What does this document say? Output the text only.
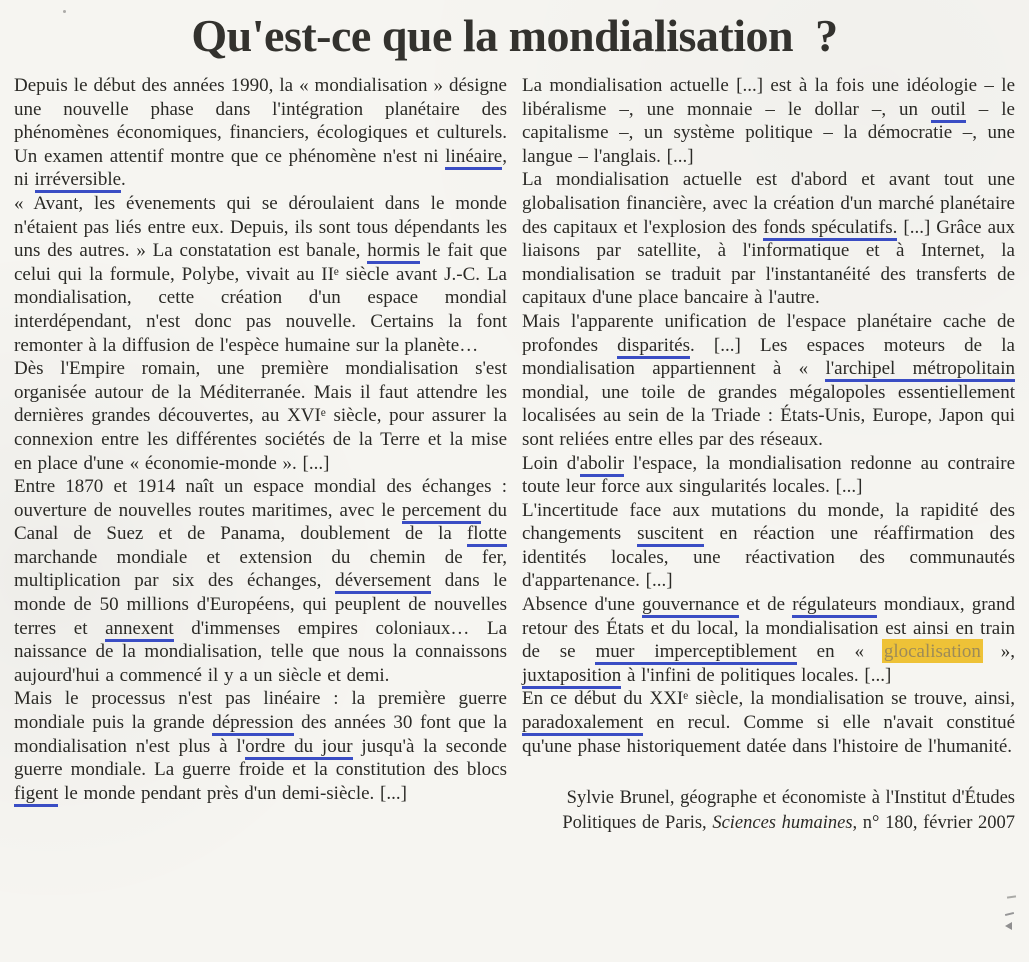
Qu'est-ce que la mondialisation  ?

Depuis le début des années 1990, la « mondialisation » désigne une nouvelle phase dans l'intégration planétaire des phénomènes économiques, financiers, écologiques et culturels. Un examen attentif montre que ce phénomène n'est ni linéaire, ni irréversible.

« Avant, les évenements qui se déroulaient dans le monde n'étaient pas liés entre eux. Depuis, ils sont tous dépendants les uns des autres. » La constatation est banale, hormis le fait que celui qui la formule, Polybe, vivait au IIᵉ siècle avant J.-C. La mondialisation, cette création d'un espace mondial interdépendant, n'est donc pas nouvelle. Certains la font remonter à la diffusion de l'espèce humaine sur la planète…

Dès l'Empire romain, une première mondialisation s'est organisée autour de la Méditerranée. Mais il faut attendre les dernières grandes découvertes, au XVIᵉ siècle, pour assurer la connexion entre les différentes sociétés de la Terre et la mise en place d'une « économie-monde ». [...]

Entre 1870 et 1914 naît un espace mondial des échanges : ouverture de nouvelles routes maritimes, avec le percement du Canal de Suez et de Panama, doublement de la flotte marchande mondiale et extension du chemin de fer, multiplication par six des échanges, déversement dans le monde de 50 millions d'Européens, qui peuplent de nouvelles terres et annexent d'immenses empires coloniaux… La naissance de la mondialisation, telle que nous la connaissons aujourd'hui a commencé il y a un siècle et demi.

Mais le processus n'est pas linéaire : la première guerre mondiale puis la grande dépression des années 30 font que la mondialisation n'est plus à l'ordre du jour jusqu'à la seconde guerre mondiale. La guerre froide et la constitution des blocs figent le monde pendant près d'un demi-siècle. [...]

La mondialisation actuelle [...] est à la fois une idéologie – le libéralisme –, une monnaie – le dollar –, un outil – le capitalisme –, un système politique – la démocratie –, une langue – l'anglais. [...]

La mondialisation actuelle est d'abord et avant tout une globalisation financière, avec la création d'un marché planétaire des capitaux et l'explosion des fonds spéculatifs. [...] Grâce aux liaisons par satellite, à l'informatique et à Internet, la mondialisation se traduit par l'instantanéité des transferts de capitaux d'une place bancaire à l'autre.

Mais l'apparente unification de l'espace planétaire cache de profondes disparités. [...] Les espaces moteurs de la mondialisation appartiennent à « l'archipel métropolitain mondial, une toile de grandes mégalopoles essentiellement localisées au sein de la Triade : États-Unis, Europe, Japon qui sont reliées entre elles par des réseaux.

Loin d'abolir l'espace, la mondialisation redonne au contraire toute leur force aux singularités locales. [...]

L'incertitude face aux mutations du monde, la rapidité des changements suscitent en réaction une réaffirmation des identités locales, une réactivation des communautés d'appartenance. [...]

Absence d'une gouvernance et de régulateurs mondiaux, grand retour des États et du local, la mondialisation est ainsi en train de se muer imperceptiblement en « glocalisation », juxtaposition à l'infini de politiques locales. [...]

En ce début du XXIᵉ siècle, la mondialisation se trouve, ainsi, paradoxalement en recul. Comme si elle n'avait constitué qu'une phase historiquement datée dans l'histoire de l'humanité.

Sylvie Brunel, géographe et économiste à l'Institut d'Études Politiques de Paris, Sciences humaines, n° 180, février 2007
